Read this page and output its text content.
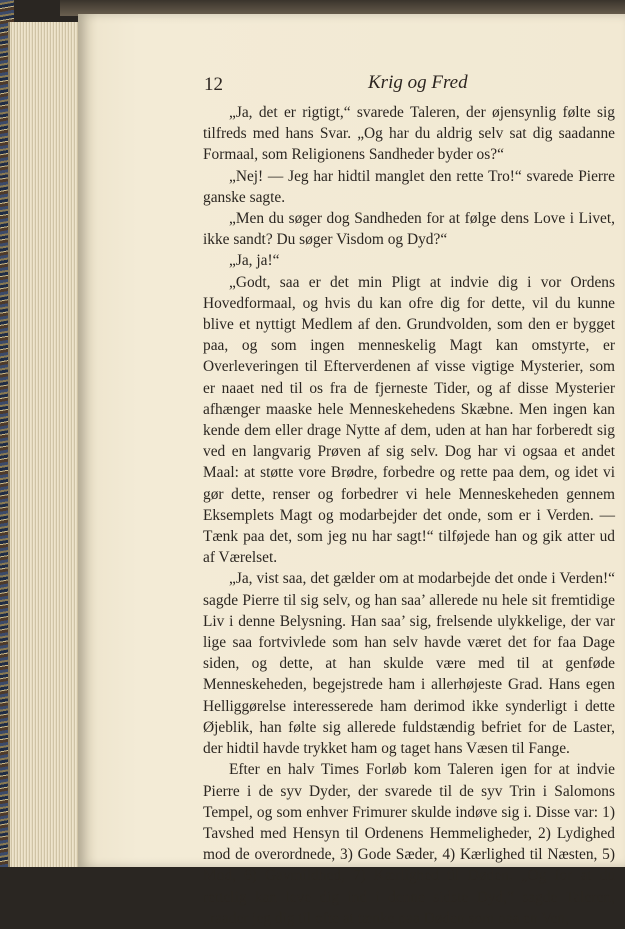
12	Krig og Fred

„Ja, det er rigtigt,“ svarede Taleren, der øjensynlig følte sig tilfreds med hans Svar. „Og har du aldrig selv sat dig saadanne Formaal, som Religionens Sandheder byder os?“

„Nej! — Jeg har hidtil manglet den rette Tro!“ svarede Pierre ganske sagte.

„Men du søger dog Sandheden for at følge dens Love i Livet, ikke sandt? Du søger Visdom og Dyd?“

„Ja, ja!“

„Godt, saa er det min Pligt at indvie dig i vor Ordens Hovedformaal, og hvis du kan ofre dig for dette, vil du kunne blive et nyttigt Medlem af den. Grundvolden, som den er bygget paa, og som ingen menneskelig Magt kan omstyrte, er Overleveringen til Efterverdenen af visse vigtige Mysterier, som er naaet ned til os fra de fjerneste Tider, og af disse Mysterier afhænger maaske hele Menneskehedens Skæbne. Men ingen kan kende dem eller drage Nytte af dem, uden at han har forberedt sig ved en langvarig Prøven af sig selv. Dog har vi ogsaa et andet Maal: at støtte vore Brødre, forbedre og rette paa dem, og idet vi gør dette, renser og forbedrer vi hele Menneskeheden gennem Eksemplets Magt og modarbejder det onde, som er i Verden. — Tænk paa det, som jeg nu har sagt!“ tilføjede han og gik atter ud af Værelset.

„Ja, vist saa, det gælder om at modarbejde det onde i Verden!“ sagde Pierre til sig selv, og han saa’ allerede nu hele sit fremtidige Liv i denne Belysning. Han saa’ sig, frelsende ulykkelige, der var lige saa fortvivlede som han selv havde været det for faa Dage siden, og dette, at han skulde være med til at genføde Menneskeheden, begejstrede ham i allerhøjeste Grad. Hans egen Helliggørelse interesserede ham derimod ikke synderligt i dette Øjeblik, han følte sig allerede fuldstændig befriet for de Laster, der hidtil havde trykket ham og taget hans Væsen til Fange.

Efter en halv Times Forløb kom Taleren igen for at indvie Pierre i de syv Dyder, der svarede til de syv Trin i Salomons Tempel, og som enhver Frimurer skulde indøve sig i. Disse var: 1) Tavshed med Hensyn til Ordenens Hemmeligheder, 2) Lydighed mod de overordnede, 3) Gode Sæder, 4) Kærlighed til Næsten, 5) Mod, 6) Gavmildhed, 7) Kærlighed til Døden. „Og for at du rettelig kan leve dig ind i denne sidste Dyd,“ sagde Taleren, „raader jeg dig til ofte at tænke paa Døden som paa en Ven,
